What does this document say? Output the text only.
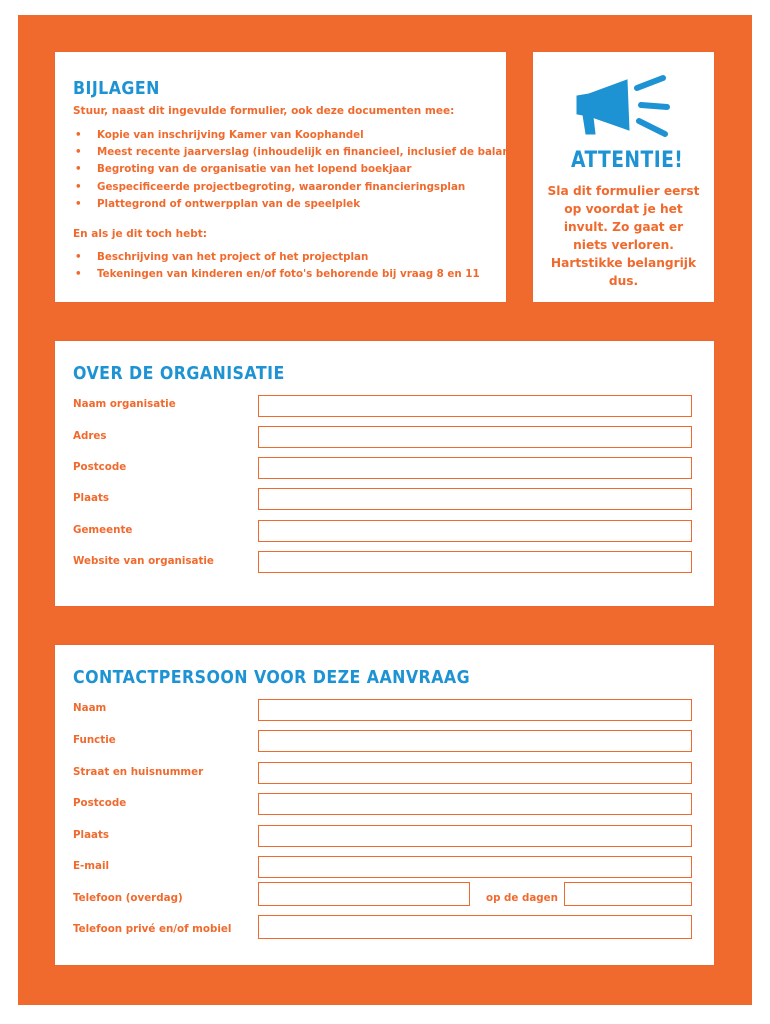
BIJLAGEN
Stuur, naast dit ingevulde formulier, ook deze documenten mee:
• Kopie van inschrijving Kamer van Koophandel
• Meest recente jaarverslag (inhoudelijk en financieel, inclusief de balans)
• Begroting van de organisatie van het lopend boekjaar
• Gespecificeerde projectbegroting, waaronder financieringsplan
• Plattegrond of ontwerpplan van de speelplek
En als je dit toch hebt:
• Beschrijving van het project of het projectplan
• Tekeningen van kinderen en/of foto's behorende bij vraag 8 en 11
ATTENTIE!
Sla dit formulier eerst op voordat je het invult. Zo gaat er niets verloren. Hartstikke belangrijk dus.
OVER DE ORGANISATIE
Naam organisatie
Adres
Postcode
Plaats
Gemeente
Website van organisatie
CONTACTPERSOON VOOR DEZE AANVRAAG
Naam
Functie
Straat en huisnummer
Postcode
Plaats
E-mail
Telefoon (overdag)	op de dagen
Telefoon privé en/of mobiel
